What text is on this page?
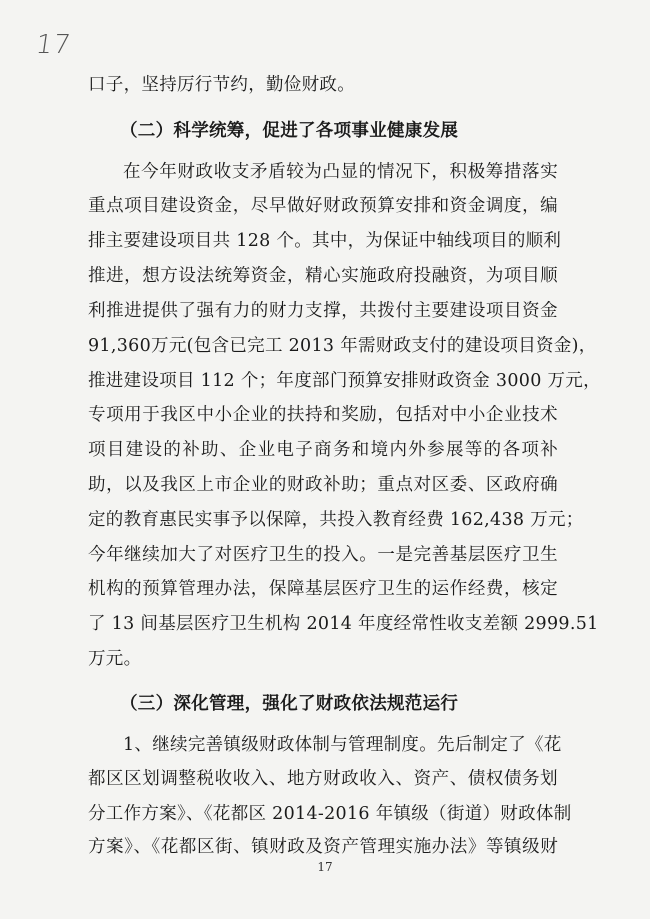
17
口子，坚持厉行节约，勤俭财政。
（二）科学统筹，促进了各项事业健康发展
在今年财政收支矛盾较为凸显的情况下，积极筹措落实
重点项目建设资金，尽早做好财政预算安排和资金调度，编
排主要建设项目共 128 个。其中，为保证中轴线项目的顺利
推进，想方设法统筹资金，精心实施政府投融资，为项目顺
利推进提供了强有力的财力支撑，共拨付主要建设项目资金
91,360万元(包含已完工 2013 年需财政支付的建设项目资金)，
推进建设项目 112 个；年度部门预算安排财政资金 3000 万元，
专项用于我区中小企业的扶持和奖励，包括对中小企业技术
项目建设的补助、企业电子商务和境内外参展等的各项补
助，以及我区上市企业的财政补助；重点对区委、区政府确
定的教育惠民实事予以保障，共投入教育经费 162,438 万元；
今年继续加大了对医疗卫生的投入。一是完善基层医疗卫生
机构的预算管理办法，保障基层医疗卫生的运作经费，核定
了 13 间基层医疗卫生机构 2014 年度经常性收支差额 2999.51
万元。
（三）深化管理，强化了财政依法规范运行
1、继续完善镇级财政体制与管理制度。先后制定了《花
都区区划调整税收收入、地方财政收入、资产、债权债务划
分工作方案》、《花都区 2014-2016 年镇级（街道）财政体制
方案》、《花都区街、镇财政及资产管理实施办法》等镇级财
17
